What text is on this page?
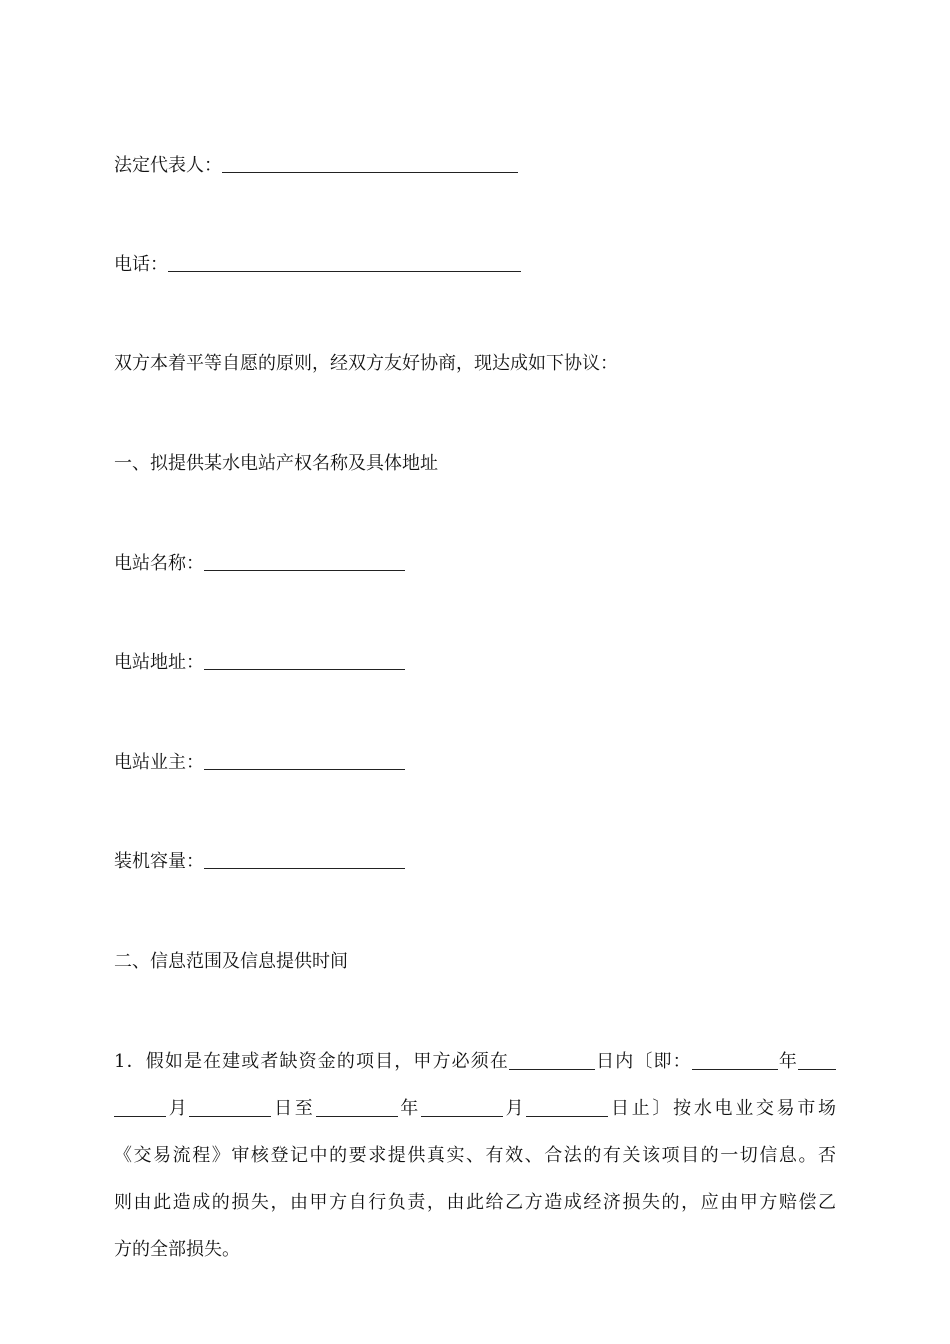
法定代表人：
电话：
双方本着平等自愿的原则，经双方友好协商，现达成如下协议：
一、拟提供某水电站产权名称及具体地址
电站名称：
电站地址：
电站业主：
装机容量：
二、信息范围及信息提供时间
1．假如是在建或者缺资金的项目，甲方必须在	日内〔即：	年
月	日至	年	月	日止〕按水电业交易市场
《交易流程》审核登记中的要求提供真实、有效、合法的有关该项目的一切信息。否
则由此造成的损失，由甲方自行负责，由此给乙方造成经济损失的，应由甲方赔偿乙
方的全部损失。
